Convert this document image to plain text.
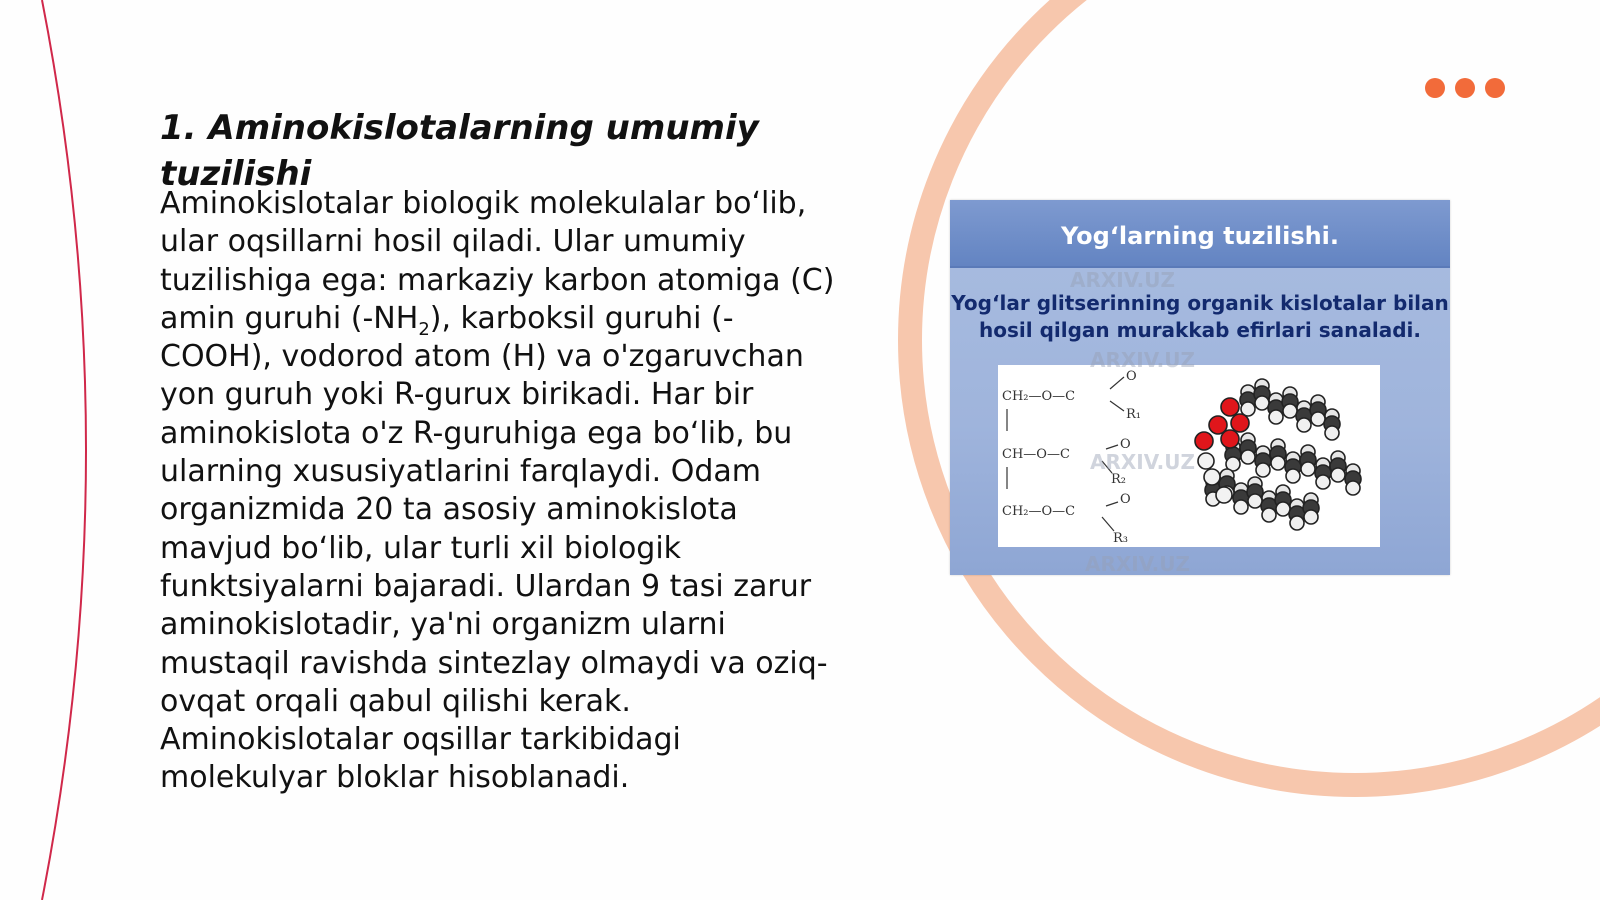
1. Aminokislotalarning umumiy tuzilishi

Aminokislotalar biologik molekulalar bo‘lib, ular oqsillarni hosil qiladi. Ular umumiy tuzilishiga ega: markaziy karbon atomiga (C) amin guruhi $(-NH_2)$, karboksil guruhi (-COOH), vodorod atom (H) va o'zgaruvchan yon guruh yoki R-gurux birikadi. Har bir aminokislota o'z R-guruhiga ega bo‘lib, bu ularning xususiyatlarini farqlaydi. Odam organizmida 20 ta asosiy aminokislota mavjud bo‘lib, ular turli xil biologik funktsiyalarni bajaradi. Ulardan 9 tasi zarur aminokislotadir, ya'ni organizm ularni mustaqil ravishda sintezlay olmaydi va oziq-ovqat orqali qabul qilishi kerak. Aminokislotalar oqsillar tarkibidagi molekulyar bloklar hisoblanadi.

Yog‘larning tuzilishi.
Yog‘lar glitserinning organik kislotalar bilan hosil qilgan murakkab efirlari sanaladi.
CH₂—O—C
O
R₁
CH—O—C
O
R₂
CH₂—O—C
O
R₃
ARXIV.UZ
ARXIV.UZ
ARXIV.UZ
ARXIV.UZ
